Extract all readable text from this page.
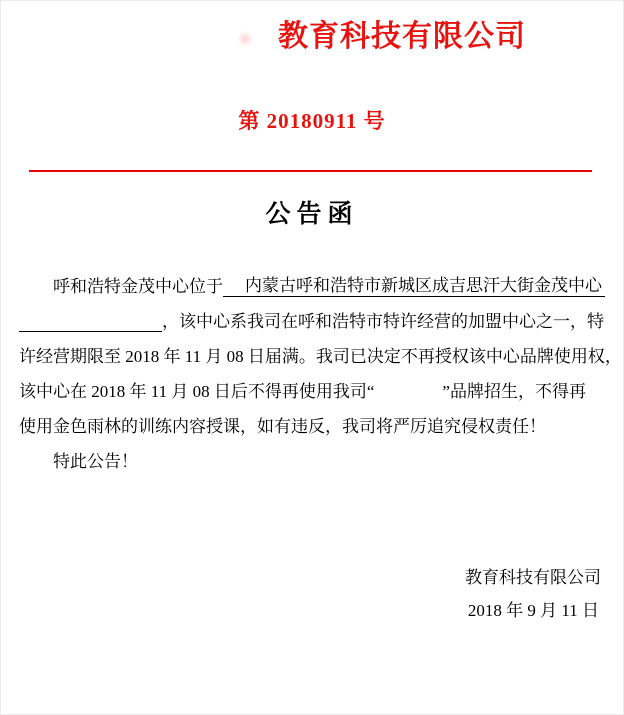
教育科技有限公司
第 20180911 号
公告函
呼和浩特金茂中心位于	内蒙古呼和浩特市新城区成吉思汗大街金茂中心
，该中心系我司在呼和浩特市特许经营的加盟中心之一，特
许经营期限至 2018 年 11 月 08 日届满。我司已决定不再授权该中心品牌使用权，
该中心在 2018 年 11 月 08 日后不得再使用我司“　　　　”品牌招生，不得再
使用金色雨林的训练内容授课，如有违反，我司将严厉追究侵权责任！
特此公告！
教育科技有限公司
2018 年 9 月 11 日
